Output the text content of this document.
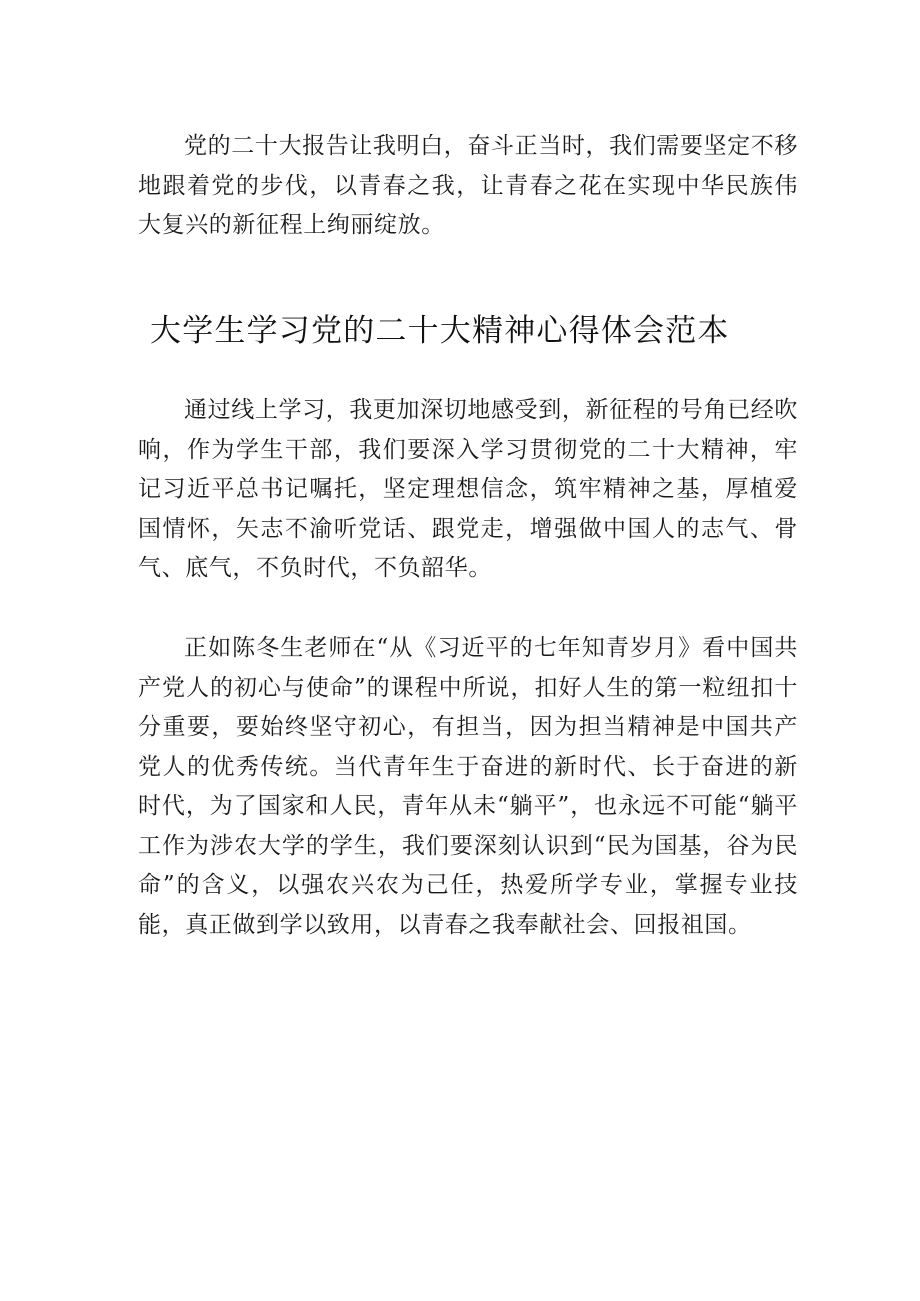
党的二十大报告让我明白，奋斗正当时，我们需要坚定不移地跟着党的步伐，以青春之我，让青春之花在实现中华民族伟大复兴的新征程上绚丽绽放。

大学生学习党的二十大精神心得体会范本

通过线上学习，我更加深切地感受到，新征程的号角已经吹响，作为学生干部，我们要深入学习贯彻党的二十大精神，牢记习近平总书记嘱托，坚定理想信念，筑牢精神之基，厚植爱国情怀，矢志不渝听党话、跟党走，增强做中国人的志气、骨气、底气，不负时代，不负韶华。

正如陈冬生老师在“从《习近平的七年知青岁月》看中国共产党人的初心与使命”的课程中所说，扣好人生的第一粒纽扣十分重要，要始终坚守初心，有担当，因为担当精神是中国共产党人的优秀传统。当代青年生于奋进的新时代、长于奋进的新时代，为了国家和人民，青年从未“躺平”，也永远不可能“躺平工作为涉农大学的学生，我们要深刻认识到“民为国基，谷为民命”的含义，以强农兴农为己任，热爱所学专业，掌握专业技能，真正做到学以致用，以青春之我奉献社会、回报祖国。
